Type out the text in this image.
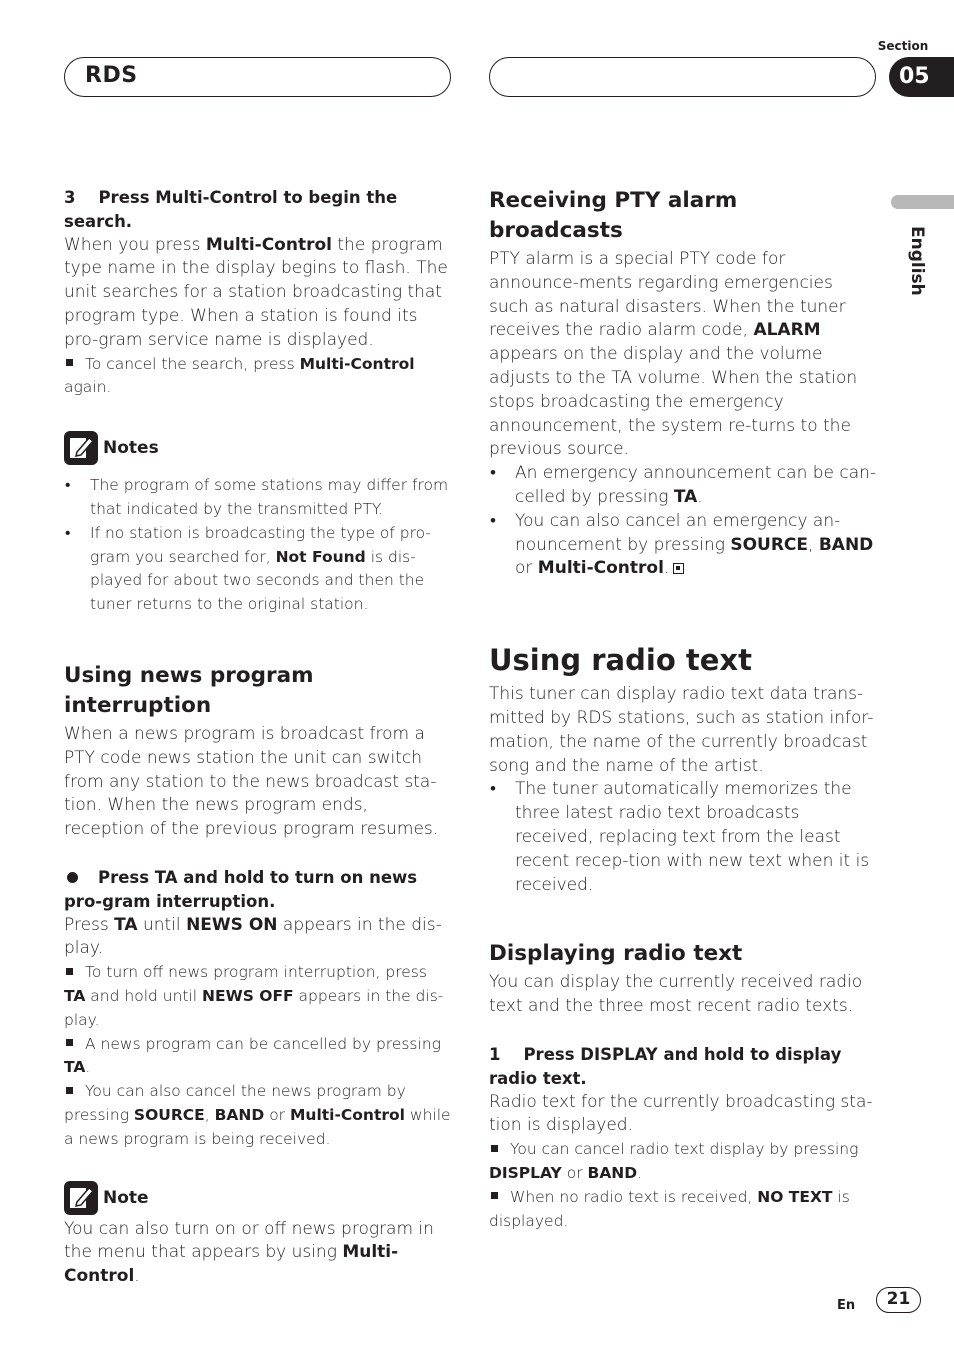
RDS
Section
05
English

3 Press Multi-Control to begin the search.

When you press Multi-Control the program type name in the display begins to flash. The unit searches for a station broadcasting that program type. When a station is found its pro-gram service name is displayed.

To cancel the search, press Multi-Control again.

Notes

• The program of some stations may differ from that indicated by the transmitted PTY.

• If no station is broadcasting the type of pro-gram you searched for, Not Found is dis-played for about two seconds and then the tuner returns to the original station.

Using news program interruption

When a news program is broadcast from a PTY code news station the unit can switch from any station to the news broadcast sta-tion. When the news program ends, reception of the previous program resumes.

Press TA and hold to turn on news pro-gram interruption.

Press TA until NEWS ON appears in the dis-play.

To turn off news program interruption, press TA and hold until NEWS OFF appears in the dis-play.

A news program can be cancelled by pressing TA.

You can also cancel the news program by pressing SOURCE, BAND or Multi-Control while a news program is being received.

Note

You can also turn on or off news program in the menu that appears by using Multi-Control.

Receiving PTY alarm broadcasts

PTY alarm is a special PTY code for announce-ments regarding emergencies such as natural disasters. When the tuner receives the radio alarm code, ALARM appears on the display and the volume adjusts to the TA volume. When the station stops broadcasting the emergency announcement, the system re-turns to the previous source.

• An emergency announcement can be can-celled by pressing TA.

• You can also cancel an emergency an-nouncement by pressing SOURCE, BAND or Multi-Control.

Using radio text

This tuner can display radio text data trans-mitted by RDS stations, such as station infor-mation, the name of the currently broadcast song and the name of the artist.

• The tuner automatically memorizes the three latest radio text broadcasts received, replacing text from the least recent recep-tion with new text when it is received.

Displaying radio text

You can display the currently received radio text and the three most recent radio texts.

1 Press DISPLAY and hold to display radio text.

Radio text for the currently broadcasting sta-tion is displayed.

You can cancel radio text display by pressing DISPLAY or BAND.

When no radio text is received, NO TEXT is displayed.

En	21
